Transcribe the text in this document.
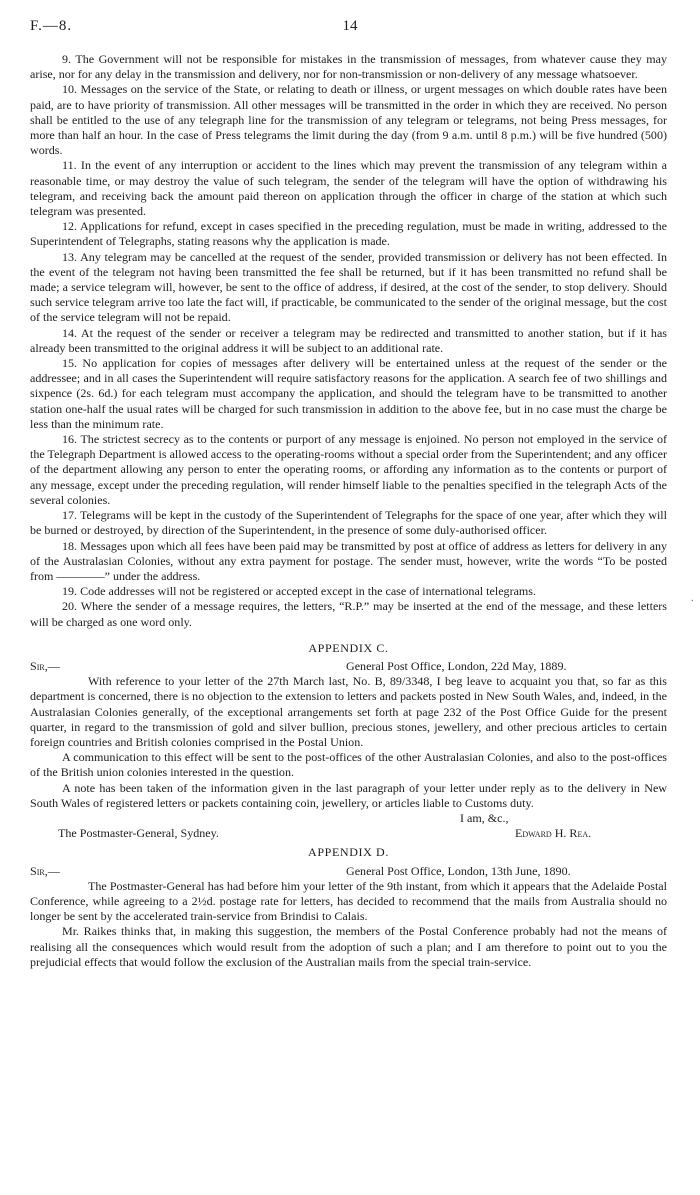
F.—8.	14

9. The Government will not be responsible for mistakes in the transmission of messages, from whatever cause they may arise, nor for any delay in the transmission and delivery, nor for non-transmission or non-delivery of any message whatsoever.

10. Messages on the service of the State, or relating to death or illness, or urgent messages on which double rates have been paid, are to have priority of transmission. All other messages will be transmitted in the order in which they are received. No person shall be entitled to the use of any telegraph line for the transmission of any telegram or telegrams, not being Press messages, for more than half an hour. In the case of Press telegrams the limit during the day (from 9 a.m. until 8 p.m.) will be five hundred (500) words.

11. In the event of any interruption or accident to the lines which may prevent the transmission of any telegram within a reasonable time, or may destroy the value of such telegram, the sender of the telegram will have the option of withdrawing his telegram, and receiving back the amount paid thereon on application through the officer in charge of the station at which such telegram was presented.

12. Applications for refund, except in cases specified in the preceding regulation, must be made in writing, addressed to the Superintendent of Telegraphs, stating reasons why the application is made.

13. Any telegram may be cancelled at the request of the sender, provided transmission or delivery has not been effected. In the event of the telegram not having been transmitted the fee shall be returned, but if it has been transmitted no refund shall be made; a service telegram will, however, be sent to the office of address, if desired, at the cost of the sender, to stop delivery. Should such service telegram arrive too late the fact will, if practicable, be communicated to the sender of the original message, but the cost of the service telegram will not be repaid.

14. At the request of the sender or receiver a telegram may be redirected and transmitted to another station, but if it has already been transmitted to the original address it will be subject to an additional rate.

15. No application for copies of messages after delivery will be entertained unless at the request of the sender or the addressee; and in all cases the Superintendent will require satisfactory reasons for the application. A search fee of two shillings and sixpence (2s. 6d.) for each telegram must accompany the application, and should the telegram have to be transmitted to another station one-half the usual rates will be charged for such transmission in addition to the above fee, but in no case must the charge be less than the minimum rate.

16. The strictest secrecy as to the contents or purport of any message is enjoined. No person not employed in the service of the Telegraph Department is allowed access to the operating-rooms without a special order from the Superintendent; and any officer of the department allowing any person to enter the operating rooms, or affording any information as to the contents or purport of any message, except under the preceding regulation, will render himself liable to the penalties specified in the telegraph Acts of the several colonies.

17. Telegrams will be kept in the custody of the Superintendent of Telegraphs for the space of one year, after which they will be burned or destroyed, by direction of the Superintendent, in the presence of some duly-authorised officer.

18. Messages upon which all fees have been paid may be transmitted by post at office of address as letters for delivery in any of the Australasian Colonies, without any extra payment for postage. The sender must, however, write the words “To be posted from ————” under the address.

19. Code addresses will not be registered or accepted except in the case of international telegrams.

20. Where the sender of a message requires, the letters, “R.P.” may be inserted at the end of the message, and these letters will be charged as one word only.

APPENDIX C.
Sir,—	General Post Office, London, 22d May, 1889.

With reference to your letter of the 27th March last, No. B, 89/3348, I beg leave to acquaint you that, so far as this department is concerned, there is no objection to the extension to letters and packets posted in New South Wales, and, indeed, in the Australasian Colonies generally, of the exceptional arrangements set forth at page 232 of the Post Office Guide for the present quarter, in regard to the transmission of gold and silver bullion, precious stones, jewellery, and other precious articles to certain foreign countries and British colonies comprised in the Postal Union.

A communication to this effect will be sent to the post-offices of the other Australasian Colonies, and also to the post-offices of the British union colonies interested in the question.

A note has been taken of the information given in the last paragraph of your letter under reply as to the delivery in New South Wales of registered letters or packets containing coin, jewellery, or articles liable to Customs duty.

I am, &c.,
The Postmaster-General, Sydney.	Edward H. Rea.
APPENDIX D.
Sir,—	General Post Office, London, 13th June, 1890.

The Postmaster-General has had before him your letter of the 9th instant, from which it appears that the Adelaide Postal Conference, while agreeing to a 2½d. postage rate for letters, has decided to recommend that the mails from Australia should no longer be sent by the accelerated train-service from Brindisi to Calais.

Mr. Raikes thinks that, in making this suggestion, the members of the Postal Conference probably had not the means of realising all the consequences which would result from the adoption of such a plan; and I am therefore to point out to you the prejudicial effects that would follow the exclusion of the Australian mails from the special train-service.

·
